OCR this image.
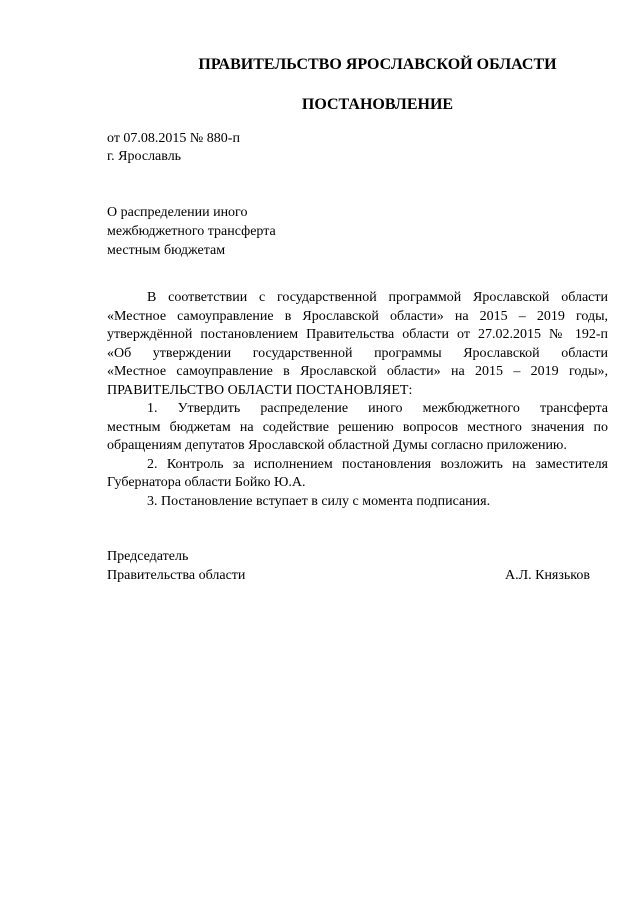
ПРАВИТЕЛЬСТВО ЯРОСЛАВСКОЙ ОБЛАСТИ
ПОСТАНОВЛЕНИЕ
от 07.08.2015 № 880-п
г. Ярославль
О распределении иного
межбюджетного трансферта
местным бюджетам
В соответствии с государственной программой Ярославской области
«Местное самоуправление в Ярославской области» на 2015 – 2019 годы,
утверждённой постановлением Правительства области от 27.02.2015 № 192-п
«Об утверждении государственной программы Ярославской области
«Местное самоуправление в Ярославской области» на 2015 – 2019 годы»,
ПРАВИТЕЛЬСТВО ОБЛАСТИ ПОСТАНОВЛЯЕТ:
1. Утвердить распределение иного межбюджетного трансферта
местным бюджетам на содействие решению вопросов местного значения по
обращениям депутатов Ярославской областной Думы согласно приложению.
2. Контроль за исполнением постановления возложить на заместителя
Губернатора области Бойко Ю.А.
3. Постановление вступает в силу с момента подписания.
Председатель
Правительства области	А.Л. Князьков
